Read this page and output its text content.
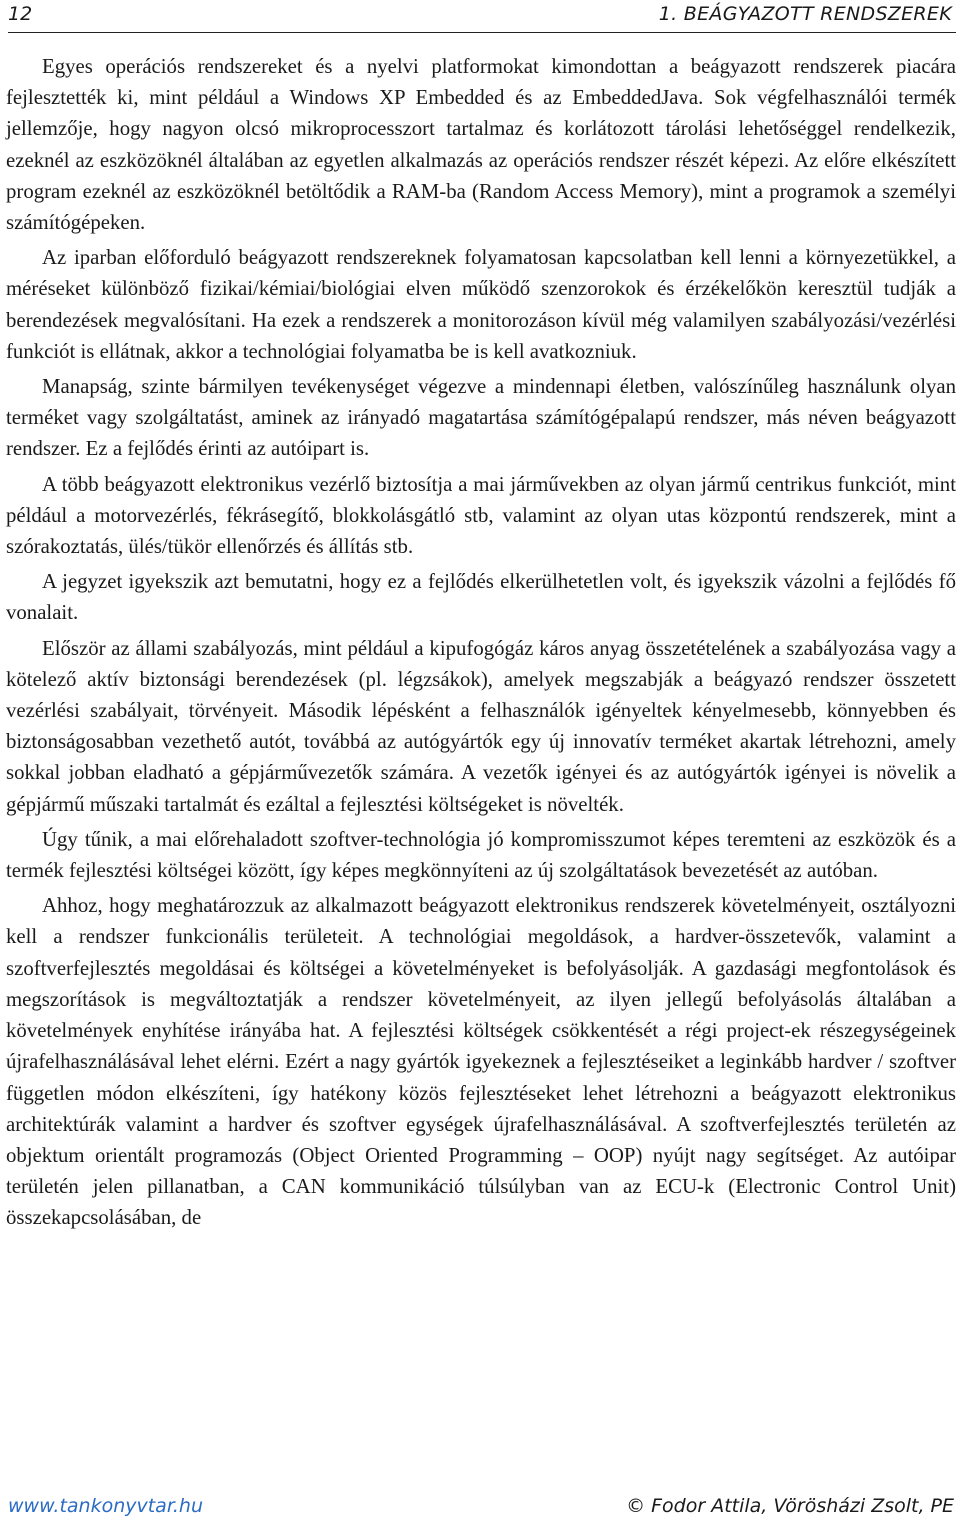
12	1. BEÁGYAZOTT RENDSZEREK

Egyes operációs rendszereket és a nyelvi platformokat kimondottan a beágyazott rendszerek piacára fejlesztették ki, mint például a Windows XP Embedded és az EmbeddedJava. Sok végfelhasználói termék jellemzője, hogy nagyon olcsó mikroprocesszort tartalmaz és korlátozott tárolási lehetőséggel rendelkezik, ezeknél az eszközöknél általában az egyetlen alkalmazás az operációs rendszer részét képezi. Az előre elkészített program ezeknél az eszközöknél betöltődik a RAM-ba (Random Access Memory), mint a programok a személyi számítógépeken.

Az iparban előforduló beágyazott rendszereknek folyamatosan kapcsolatban kell lenni a környezetükkel, a méréseket különböző fizikai/kémiai/biológiai elven működő szenzorokok és érzékelőkön keresztül tudják a berendezések megvalósítani. Ha ezek a rendszerek a monitorozáson kívül még valamilyen szabályozási/vezérlési funkciót is ellátnak, akkor a technológiai folyamatba be is kell avatkozniuk.

Manapság, szinte bármilyen tevékenységet végezve a mindennapi életben, valószínűleg használunk olyan terméket vagy szolgáltatást, aminek az irányadó magatartása számítógépalapú rendszer, más néven beágyazott rendszer. Ez a fejlődés érinti az autóipart is.

A több beágyazott elektronikus vezérlő biztosítja a mai járművekben az olyan jármű centrikus funkciót, mint például a motorvezérlés, fékrásegítő, blokkolásgátló stb, valamint az olyan utas központú rendszerek, mint a szórakoztatás, ülés/tükör ellenőrzés és állítás stb.

A jegyzet igyekszik azt bemutatni, hogy ez a fejlődés elkerülhetetlen volt, és igyekszik vázolni a fejlődés fő vonalait.

Először az állami szabályozás, mint például a kipufogógáz káros anyag összetételének a szabályozása vagy a kötelező aktív biztonsági berendezések (pl. légzsákok), amelyek megszabják a beágyazó rendszer összetett vezérlési szabályait, törvényeit. Második lépésként a felhasználók igényeltek kényelmesebb, könnyebben és biztonságosabban vezethető autót, továbbá az autógyártók egy új innovatív terméket akartak létrehozni, amely sokkal jobban eladható a gépjárművezetők számára. A vezetők igényei és az autógyártók igényei is növelik a gépjármű műszaki tartalmát és ezáltal a fejlesztési költségeket is növelték.

Úgy tűnik, a mai előrehaladott szoftver-technológia jó kompromisszumot képes teremteni az eszközök és a termék fejlesztési költségei között, így képes megkönnyíteni az új szolgáltatások bevezetését az autóban.

Ahhoz, hogy meghatározzuk az alkalmazott beágyazott elektronikus rendszerek követelményeit, osztályozni kell a rendszer funkcionális területeit. A technológiai megoldások, a hardver-összetevők, valamint a szoftverfejlesztés megoldásai és költségei a követelményeket is befolyásolják. A gazdasági megfontolások és megszorítások is megváltoztatják a rendszer követelményeit, az ilyen jellegű befolyásolás általában a követelmények enyhítése irányába hat. A fejlesztési költségek csökkentését a régi project-ek részegységeinek újrafelhasználásával lehet elérni. Ezért a nagy gyártók igyekeznek a fejlesztéseiket a leginkább hardver / szoftver független módon elkészíteni, így hatékony közös fejlesztéseket lehet létrehozni a beágyazott elektronikus architektúrák valamint a hardver és szoftver egységek újrafelhasználásával. A szoftverfejlesztés területén az objektum orientált programozás (Object Oriented Programming – OOP) nyújt nagy segítséget. Az autóipar területén jelen pillanatban, a CAN kommunikáció túlsúlyban van az ECU-k (Electronic Control Unit) összekapcsolásában, de

www.tankonyvtar.hu	© Fodor Attila, Vörösházi Zsolt, PE
